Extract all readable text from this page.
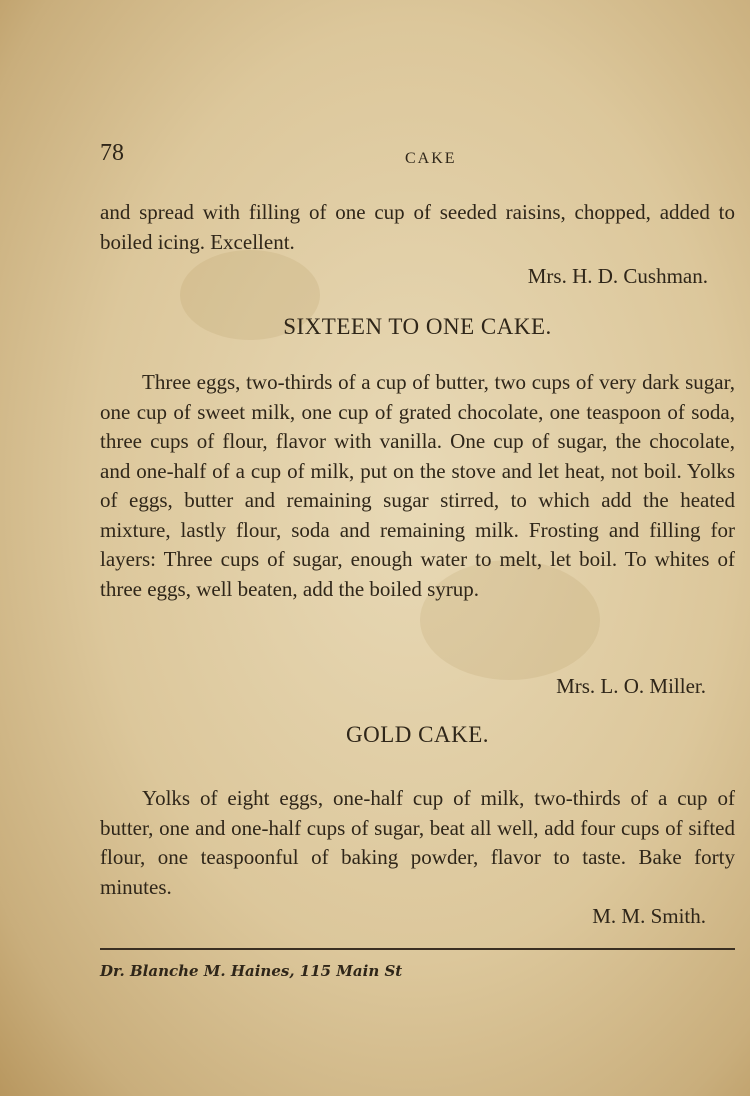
78	CAKE
and spread with filling of one cup of seeded raisins, chopped, added to boiled icing. Excellent.
Mrs. H. D. Cushman.
SIXTEEN TO ONE CAKE.
Three eggs, two-thirds of a cup of butter, two cups of very dark sugar, one cup of sweet milk, one cup of grated chocolate, one teaspoon of soda, three cups of flour, flavor with vanilla. One cup of sugar, the chocolate, and one-half of a cup of milk, put on the stove and let heat, not boil. Yolks of eggs, butter and remaining sugar stirred, to which add the heated mixture, lastly flour, soda and remaining milk. Frosting and filling for layers: Three cups of sugar, enough water to melt, let boil. To whites of three eggs, well beaten, add the boiled syrup.
Mrs. L. O. Miller.
GOLD CAKE.
Yolks of eight eggs, one-half cup of milk, two-thirds of a cup of butter, one and one-half cups of sugar, beat all well, add four cups of sifted flour, one teaspoonful of baking powder, flavor to taste. Bake forty minutes.
M. M. Smith.
Dr. Blanche M. Haines, 115 Main St
